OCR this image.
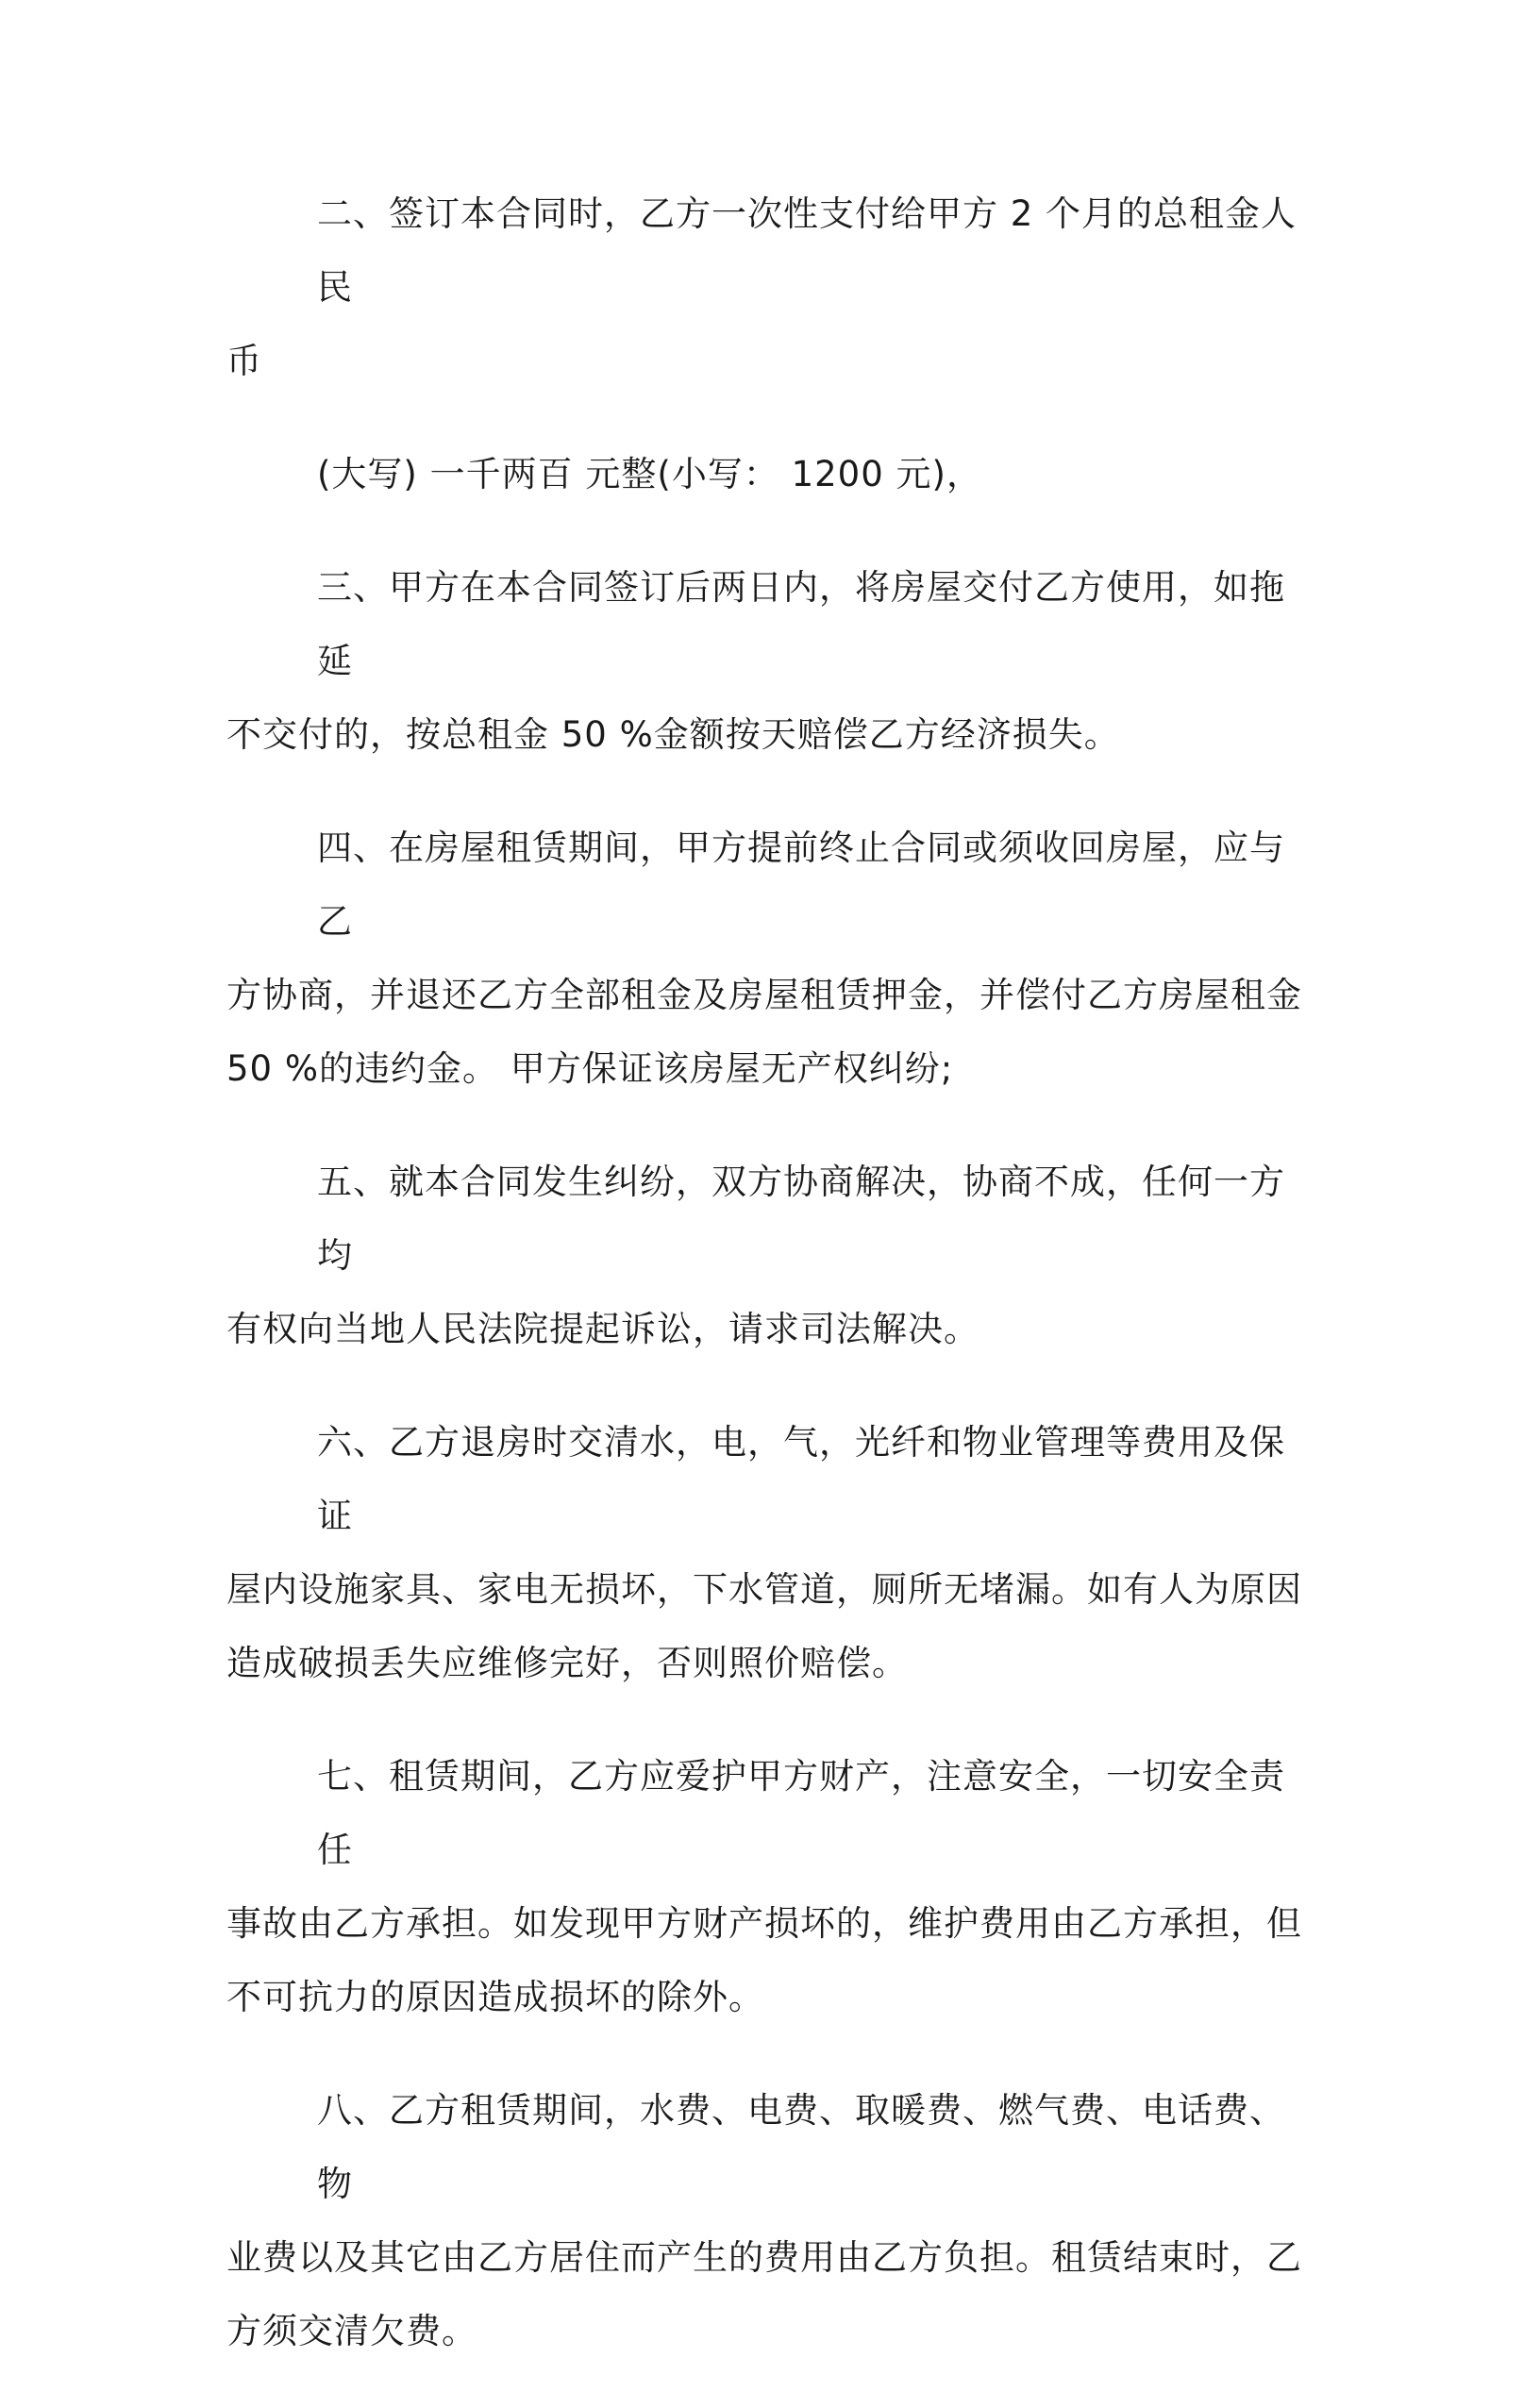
二、签订本合同时，乙方一次性支付给甲方 2 个月的总租金人民
币
(大写) 一千两百 元整(小写： 1200 元)，
三、甲方在本合同签订后两日内，将房屋交付乙方使用，如拖延
不交付的，按总租金 50 %金额按天赔偿乙方经济损失。
四、在房屋租赁期间，甲方提前终止合同或须收回房屋，应与乙
方协商，并退还乙方全部租金及房屋租赁押金，并偿付乙方房屋租金
50 %的违约金。 甲方保证该房屋无产权纠纷;
五、就本合同发生纠纷，双方协商解决，协商不成，任何一方均
有权向当地人民法院提起诉讼，请求司法解决。
六、乙方退房时交清水，电，气，光纤和物业管理等费用及保证
屋内设施家具、家电无损坏，下水管道，厕所无堵漏。如有人为原因
造成破损丢失应维修完好，否则照价赔偿。
七、租赁期间，乙方应爱护甲方财产，注意安全，一切安全责任
事故由乙方承担。如发现甲方财产损坏的，维护费用由乙方承担，但
不可抗力的原因造成损坏的除外。
八、乙方租赁期间，水费、电费、取暖费、燃气费、电话费、物
业费以及其它由乙方居住而产生的费用由乙方负担。租赁结束时，乙
方须交清欠费。
